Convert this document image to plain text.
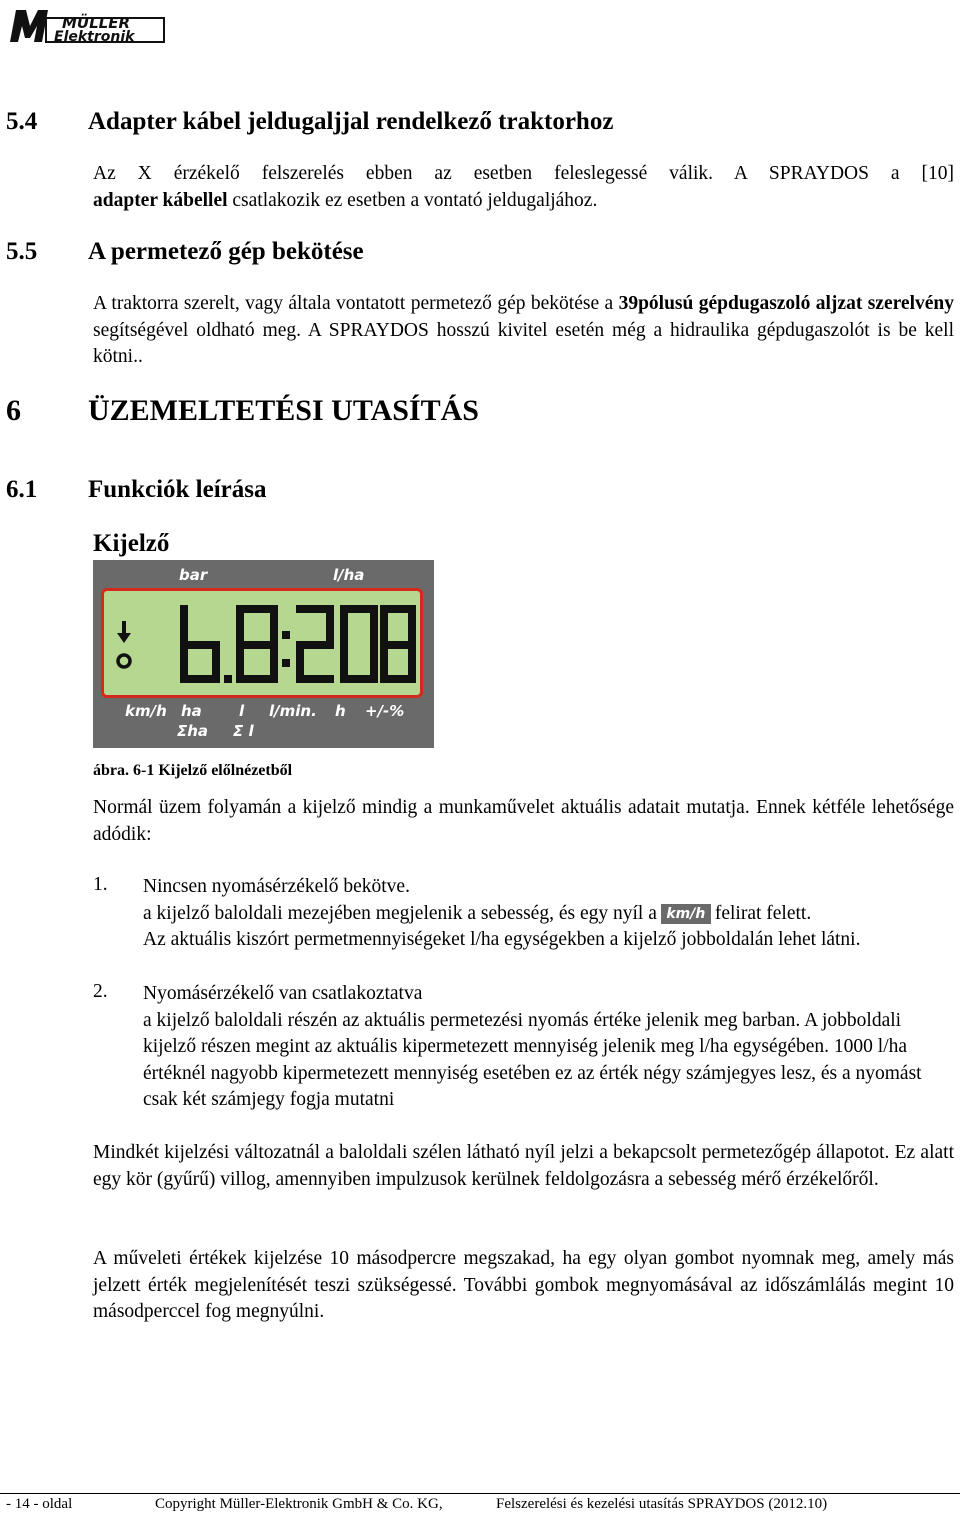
MÜLLER
Elektronik
5.4 Adapter kábel jeldugaljjal rendelkező traktorhoz

Az X érzékelő felszerelés ebben az esetben feleslegessé válik. A SPRAYDOS a [10]

adapter kábellel csatlakozik ez esetben a vontató jeldugaljához.

5.5 A permetező gép bekötése

A traktorra szerelt, vagy általa vontatott permetező gép bekötése a 39pólusú gépdugaszoló aljzat szerelvény segítségével oldható meg. A SPRAYDOS hosszú kivitel esetén még a hidraulika gépdugaszolót is be kell kötni..

6 ÜZEMELTETÉSI UTASÍTÁS
6.1 Funkciók leírása
Kijelző
bar	l/ha
b.8:208
km/h ha l l/min. h +/-%
Σha Σ l
ábra. 6-1 Kijelző előlnézetből

Normál üzem folyamán a kijelző mindig a munkaművelet aktuális adatait mutatja. Ennek kétféle lehetősége adódik:

1. Nincsen nyomásérzékelő bekötve.

a kijelző baloldali mezejében megjelenik a sebesség, és egy nyíl a km/h felirat felett.

Az aktuális kiszórt permetmennyiségeket l/ha egységekben a kijelző jobboldalán lehet látni.

2. Nyomásérzékelő van csatlakoztatva

a kijelző baloldali részén az aktuális permetezési nyomás értéke jelenik meg barban. A jobboldali kijelző részen megint az aktuális kipermetezett mennyiség jelenik meg l/ha egységében. 1000 l/ha értéknél nagyobb kipermetezett mennyiség esetében ez az érték négy számjegyes lesz, és a nyomást csak két számjegy fogja mutatni

Mindkét kijelzési változatnál a baloldali szélen látható nyíl jelzi a bekapcsolt permetezőgép állapotot. Ez alatt egy kör (gyűrű) villog, amennyiben impulzusok kerülnek feldolgozásra a sebesség mérő érzékelőről.

A műveleti értékek kijelzése 10 másodpercre megszakad, ha egy olyan gombot nyomnak meg, amely más jelzett érték megjelenítését teszi szükségessé. További gombok megnyomásával az időszámlálás megint 10 másodperccel fog megnyúlni.

- 14 - oldal	Copyright Müller-Elektronik GmbH & Co. KG,	Felszerelési és kezelési utasítás SPRAYDOS (2012.10)
